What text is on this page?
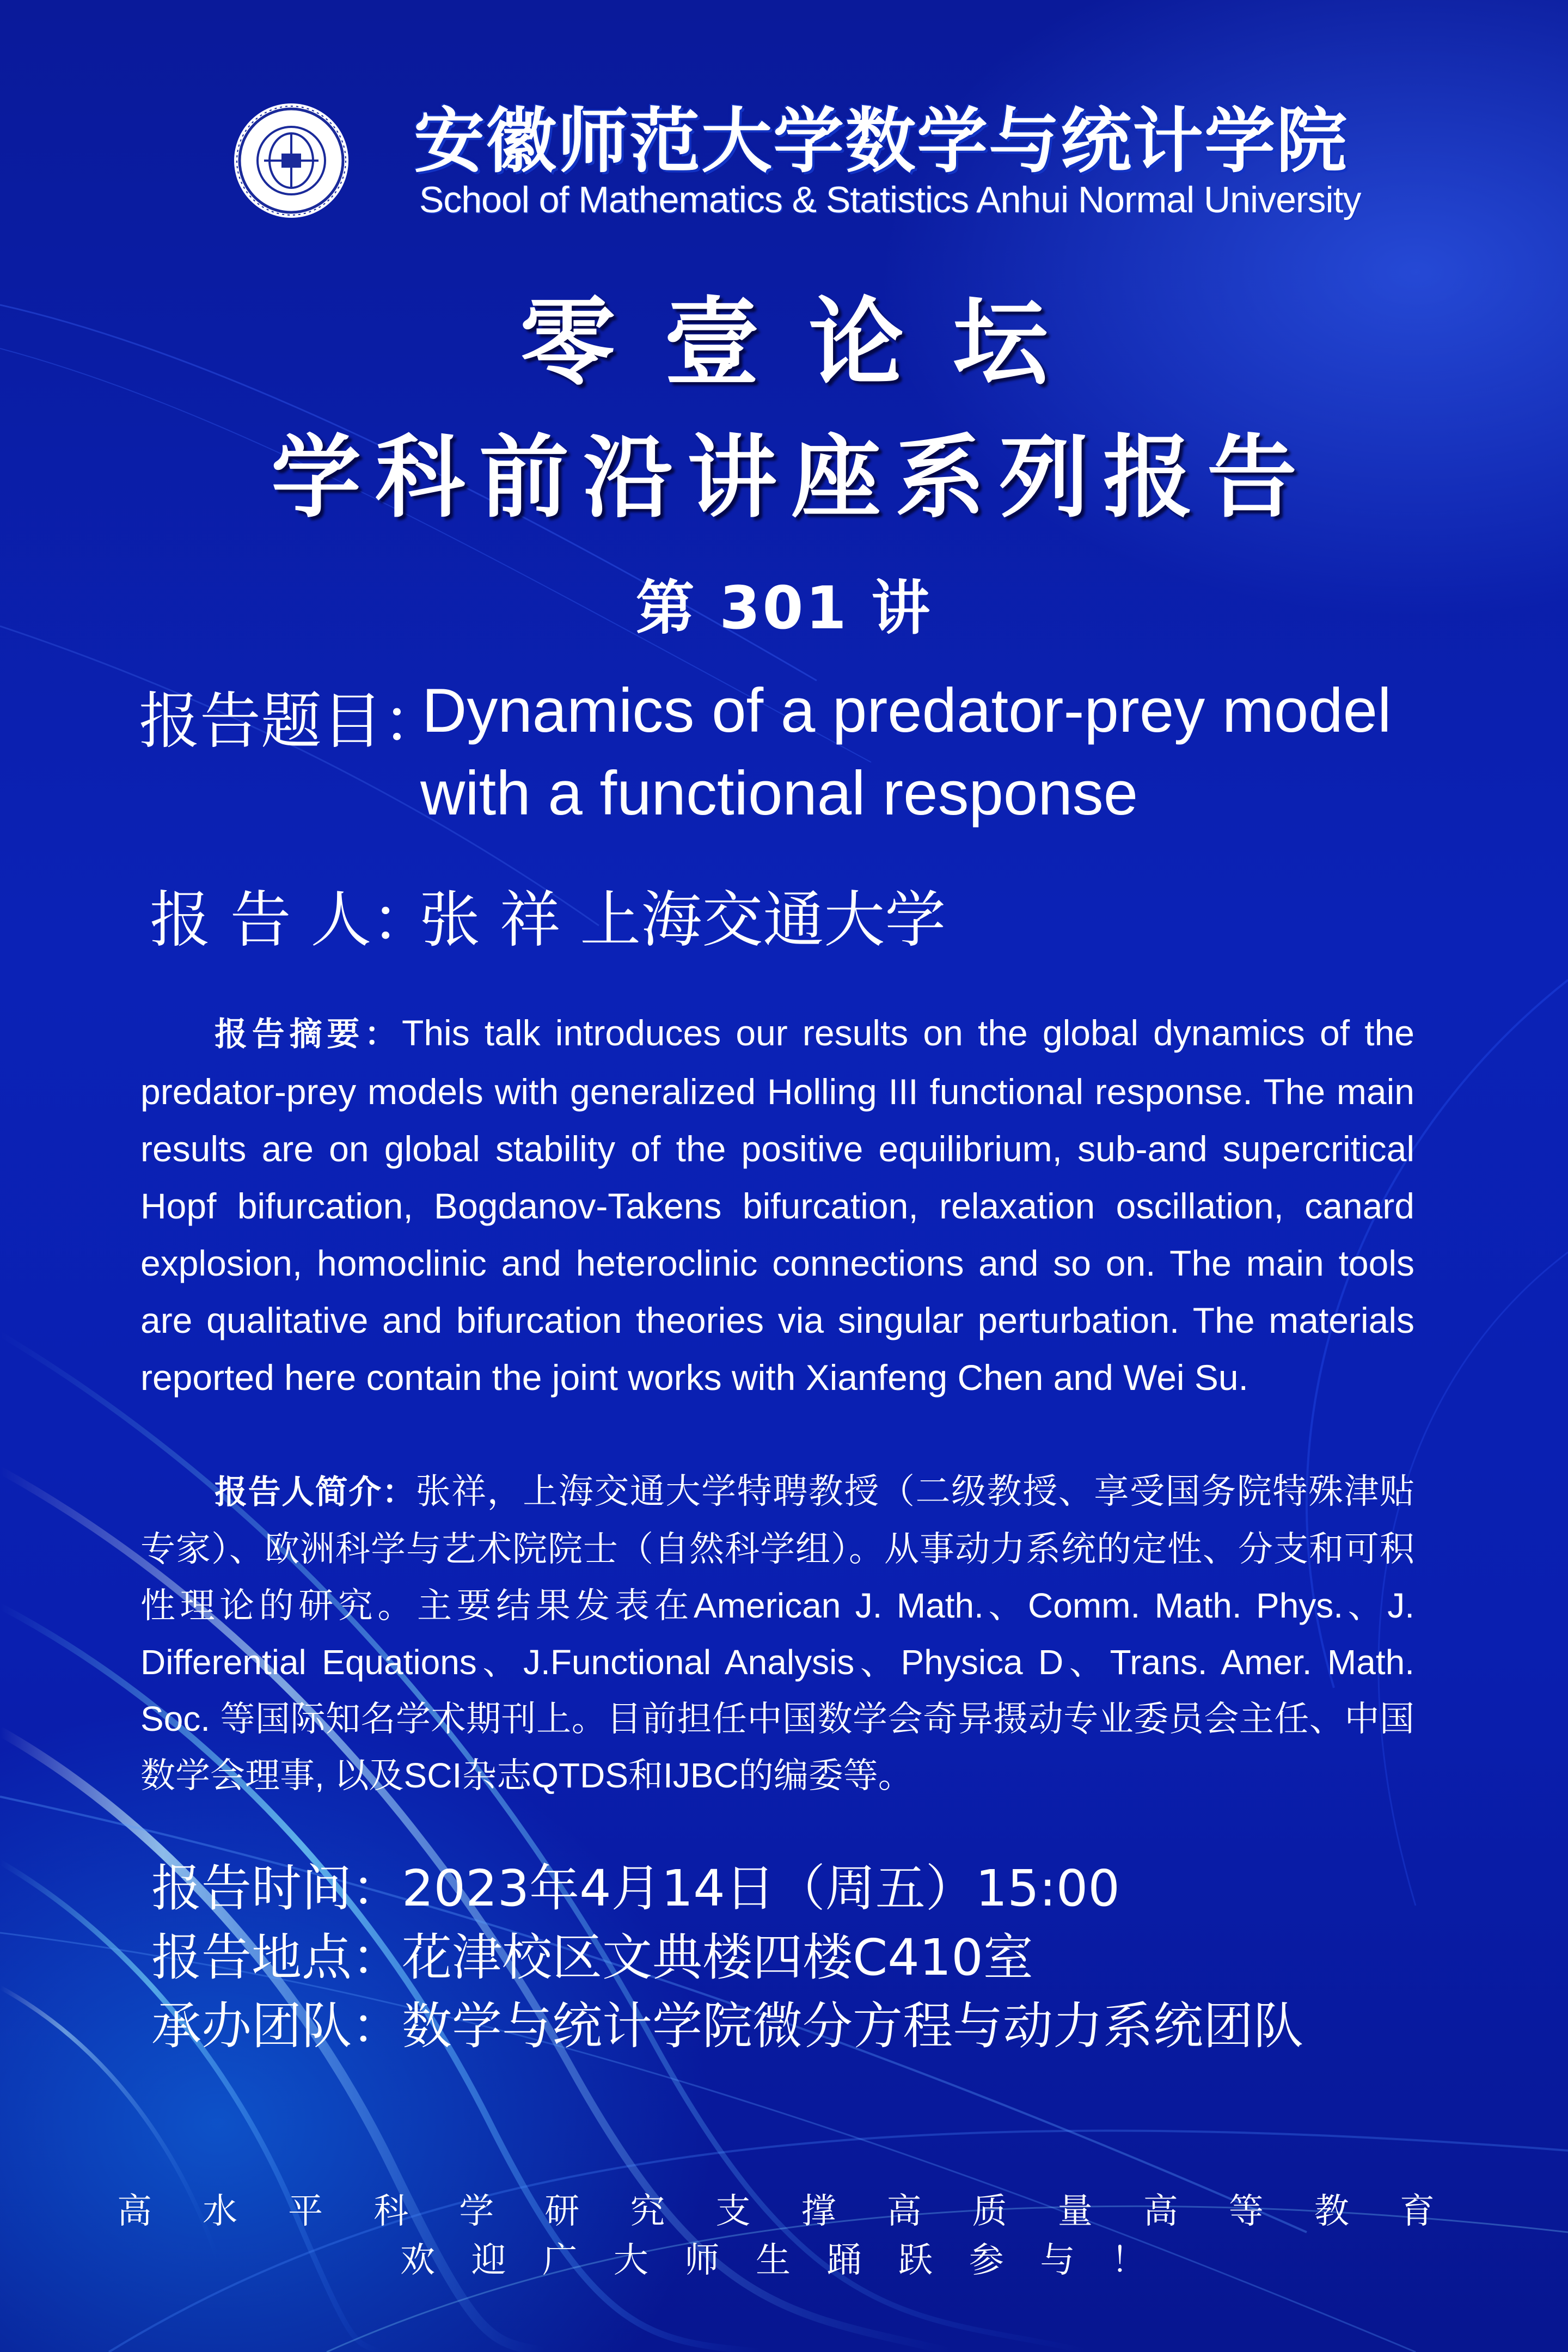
安徽师范大学数学与统计学院
School of Mathematics & Statistics Anhui Normal University
零壹论坛
学科前沿讲座系列报告
第 301 讲
报告题目：
Dynamics of a predator-prey model
with a functional response
报 告 人：
张 祥 上海交通大学
报告摘要：This talk introduces our results on the global dynamics of the predator-prey models with generalized Holling III functional response. The main results are on global stability of the positive equilibrium, sub-and supercritical Hopf bifurcation, Bogdanov-Takens bifurcation, relaxation oscillation, canard explosion, homoclinic and heteroclinic connections and so on. The main tools are qualitative and bifurcation theories via singular perturbation. The materials reported here contain the joint works with Xianfeng Chen and Wei Su.
报告人简介：张祥，上海交通大学特聘教授（二级教授、享受国务院特殊津贴专家）、欧洲科学与艺术院院士（自然科学组）。从事动力系统的定性、分支和可积性理论的研究。主要结果发表在American J. Math.、Comm. Math. Phys.、J. Differential Equations、J.Functional Analysis、Physica D、Trans. Amer. Math. Soc. 等国际知名学术期刊上。目前担任中国数学会奇异摄动专业委员会主任、中国数学会理事, 以及SCI杂志QTDS和IJBC的编委等。
报告时间：2023年4月14日（周五）15:00
报告地点：花津校区文典楼四楼C410室
承办团队：数学与统计学院微分方程与动力系统团队
高 水 平 科 学 研 究 支 撑 高 质 量 高 等 教 育
欢 迎 广 大 师 生 踊 跃 参 与 ！
